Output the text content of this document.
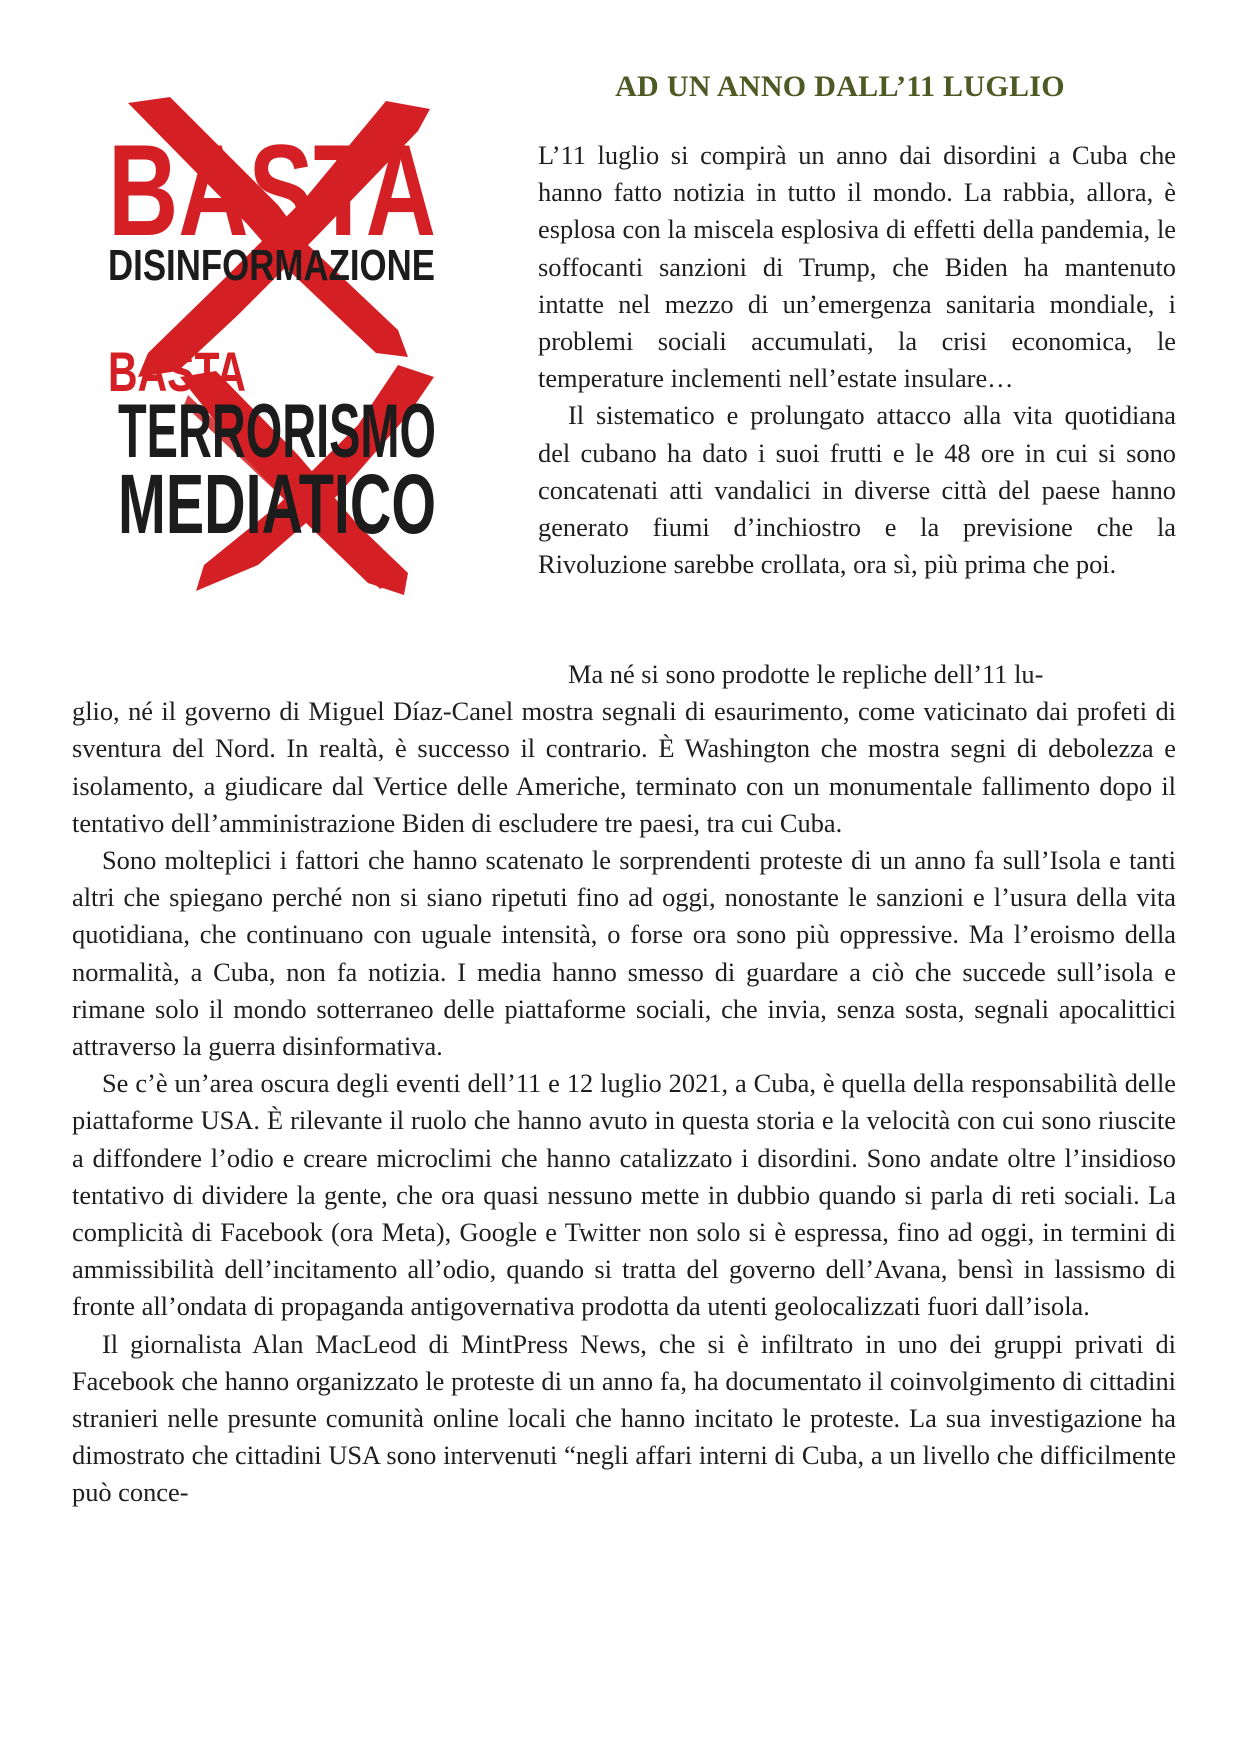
AD UN ANNO DALL’11 LUGLIO
BASTA
DISINFORMAZIONE
BASTA
TERRORISMO
MEDIATICO

L’11 luglio si compirà un anno dai disordini a Cuba che hanno fatto notizia in tutto il mondo. La rabbia, allora, è esplosa con la miscela esplosiva di effetti della pandemia, le soffocanti sanzioni di Trump, che Biden ha mantenuto intatte nel mezzo di un’emergenza sanitaria mondiale, i problemi sociali accumulati, la crisi economica, le temperature inclementi nell’estate insulare…

Il sistematico e prolungato attacco alla vita quotidiana del cubano ha dato i suoi frutti e le 48 ore in cui si sono concatenati atti vandalici in diverse città del paese hanno generato fiumi d’inchiostro e la previsione che la Rivoluzione sarebbe crollata, ora sì, più prima che poi.

Ma né si sono prodotte le repliche dell’11 lu-

glio, né il governo di Miguel Díaz-Canel mostra segnali di esaurimento, come vaticinato dai profeti di sventura del Nord. In realtà, è successo il contrario. È Washington che mostra segni di debolezza e isolamento, a giudicare dal Vertice delle Americhe, terminato con un monumentale fallimento dopo il tentativo dell’amministrazione Biden di escludere tre paesi, tra cui Cuba.

Sono molteplici i fattori che hanno scatenato le sorprendenti proteste di un anno fa sull’Isola e tanti altri che spiegano perché non si siano ripetuti fino ad oggi, nonostante le sanzioni e l’usura della vita quotidiana, che continuano con uguale intensità, o forse ora sono più oppressive. Ma l’eroismo della normalità, a Cuba, non fa notizia. I media hanno smesso di guardare a ciò che succede sull’isola e rimane solo il mondo sotterraneo delle piattaforme sociali, che invia, senza sosta, segnali apocalittici attraverso la guerra disinformativa.

Se c’è un’area oscura degli eventi dell’11 e 12 luglio 2021, a Cuba, è quella della responsabilità delle piattaforme USA. È rilevante il ruolo che hanno avuto in questa storia e la velocità con cui sono riuscite a diffondere l’odio e creare microclimi che hanno catalizzato i disordini. Sono andate oltre l’insidioso tentativo di dividere la gente, che ora quasi nessuno mette in dubbio quando si parla di reti sociali. La complicità di Facebook (ora Meta), Google e Twitter non solo si è espressa, fino ad oggi, in termini di ammissibilità dell’incitamento all’odio, quando si tratta del governo dell’Avana, bensì in lassismo di fronte all’ondata di propaganda antigovernativa prodotta da utenti geolocalizzati fuori dall’isola.

Il giornalista Alan MacLeod di MintPress News, che si è infiltrato in uno dei gruppi privati di Facebook che hanno organizzato le proteste di un anno fa, ha documentato il coinvolgimento di cittadini stranieri nelle presunte comunità online locali che hanno incitato le proteste. La sua investigazione ha dimostrato che cittadini USA sono intervenuti “negli affari interni di Cuba, a un livello che difficilmente può conce-
